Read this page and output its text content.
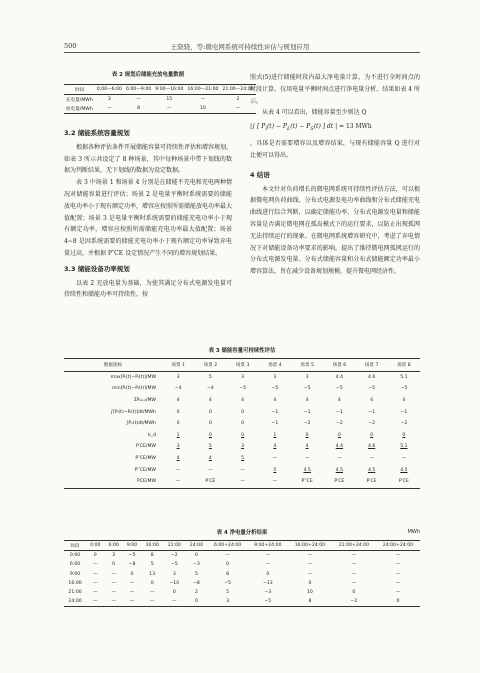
500	王骁骁，等:微电网系统可持续性评估与规划应用
表 2 规划后储能充放电量数据
时间	0:00—6:00	6:00—9:00	9:00—16:00	16:00—21:00	21:00—24:00
充电量/MWh	3	—	15	—	2
放电量/MWh	—	8	—	10	—
3.2 储能系统容量规划

根据各种评估条件开展储能容量可持续性评估和增容规划，如表 3 所示共设定了 8 种场景，其中每种场景中带下划线的数据为判断结果，无下划线的数据为设定数据。

表 3 中场景 1 和场景 4 分别是在储能不充电和充电两种情况对储能容量进行评估；场景 2 是电量平衡时系统需要的储能放电功率小于现有额定功率，增容应按照所需储能放电功率最大值配置；场景 3 是电量平衡时系统需要的储能充电功率小于现有额定功率，增容应按照所需储能充电功率最大值配置；场景 4~8 是因系统需要的储能充电功率小于现有额定功率导致弃电量过高，并根据 P″CE 设定情况产生不同的增容规划结果。

3.3 储能设备功率规划

以表 2 充放电量为基础，为使其满足分布式电源发电量可持续性和储能功率可持续性，按

照式(5)进行储能时段内最大净电量计算，为不进行全时间点的时段计算，仅用电量平衡时间点进行净电量分析，结果如表 4 所示。

从表 4 可以看出，储能容量至少则达 Q

|∫ [ $P_i(t) - P_L(t) - P_S(t)$ ] dt | = 13 MWh

，具体是否需要增容以及增容结果，与现有储能容量 Q 进行对比便可以得出。

4 结语

本文针对负荷增长的微电网系统可持续性评估方法，可以根据微电网负荷曲线、分布式电源发电功率曲线和分布式储能充电曲线进行综合判断，以确定储能功率、分布式电源发电量和储能容量是否满足微电网在孤岛模式下的运行要求，以防止出现孤网无法持续运行的现象。在微电网系统增容研究中，考虑了弃电情况下对储能设备功率要求的影响，提出了维持微电网孤网运行的分布式电源发电量、分布式储能容量和分布式储能额定功率最小增容算法，旨在减少设备规划规模，提升微电网经济性。

表 3 储能容量可持续性评估
数据指标	场景 1	场景 2	场景 3	场景 4	场景 5	场景 6	场景 7	场景 8
max[Pᵢ(t)−Pₗ(t)]/MW	3	5	3	3	3	4.4	4.6	5.1
min[Pᵢ(t)−Pₗ(t)]/MW	−4	−4	−5	−5	−5	−5	−5	−5
ΣPₑₙₒₗ/MW	4	4	4	4	4	4	4	4
∫[Pᵢ(t)−Pₗ(t)]dt/MWh	0	0	0	−1	−1	−1	−1	−1
∫Pₛ(t)dt/MWh	0	0	0	−1	−2	−2	−2	−2
k_d	1	0	0	1	0	0	0	0
P′CE/MW	3	5	3	4	4	4.4	4.6	5.1
P″CE/MW	4	4	5	—	—	—	—	—
P‴CE/MW	—	—	—	5	4.5	4.5	4.5	4.5
PCE/MW	—	P′CE	—	—	P‴CE	P′CE	P′CE	P′CE
表 4 净电量分析结果	MWh
时段	0:00	6:00	9:00	16:00	21:00	24:00	6:00+24:00	9:00+24:00	16:00+24:00	21:00+24:00	24:00+24:00
0:00	0	3	−5	8	−2	0	—	—	—	—	—
6:00	—	0	−8	5	−5	−3	0	—	—	—	—
9:00	—	—	0	13	3	5	8	0	—	—	—
16:00	—	—	—	0	−10	−8	−5	−13	0	—	—
21:00	—	—	—	—	0	2	5	−3	10	0	—
24:00	—	—	—	—	—	0	3	−5	8	−2	0
